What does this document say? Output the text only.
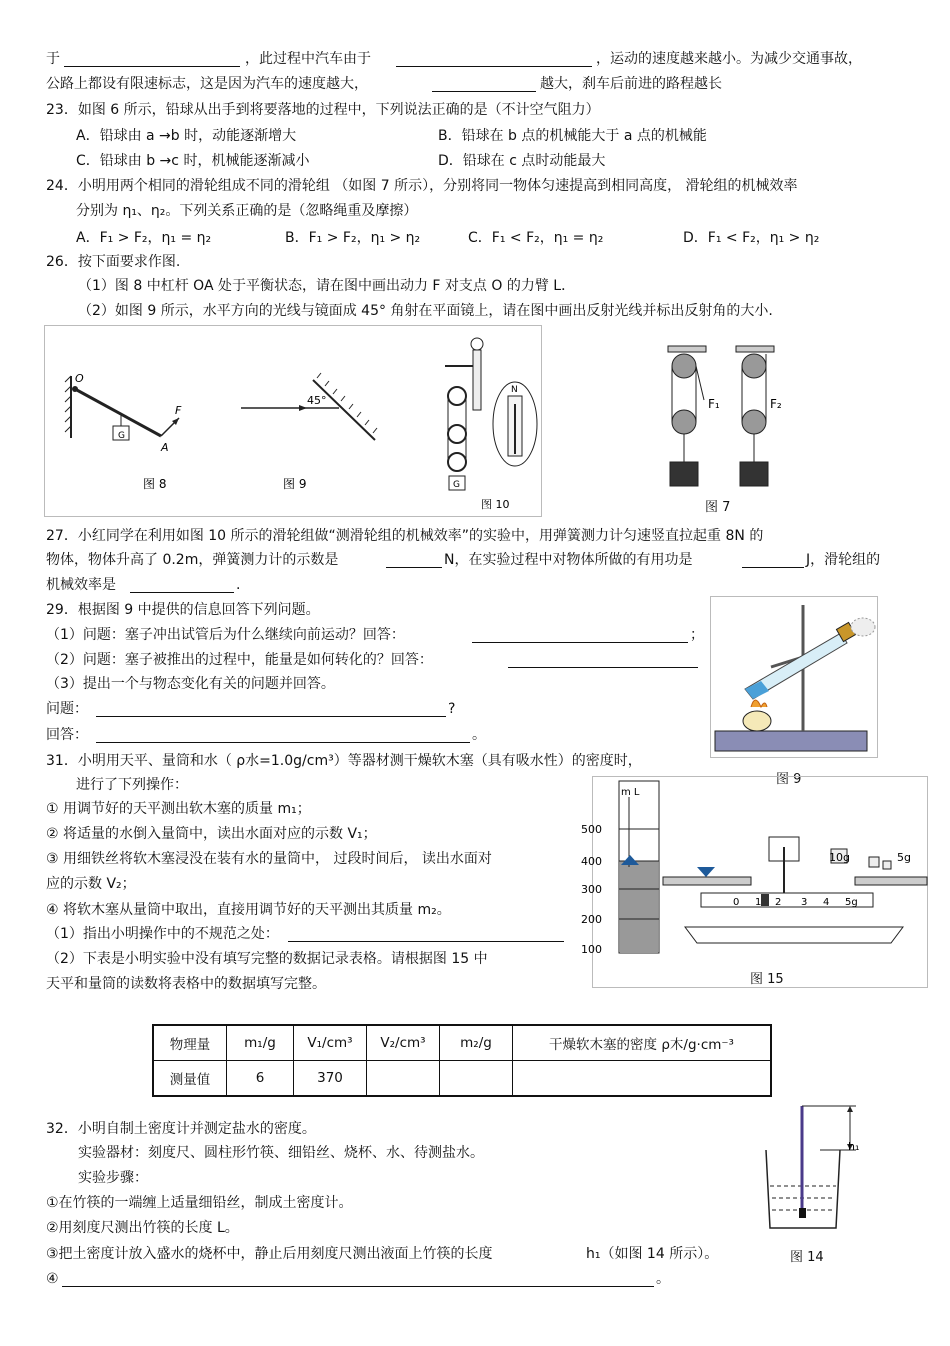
于	，此过程中汽车由于	，运动的速度越来越小。为减少交通事故，
公路上都设有限速标志，这是因为汽车的速度越大，	越大，刹车后前进的路程越长
23．如图 6 所示，铅球从出手到将要落地的过程中，下列说法正确的是（不计空气阻力）
A．铅球由 a →b 时，动能逐渐增大	B．铅球在 b 点的机械能大于 a 点的机械能
C．铅球由 b →c 时，机械能逐渐减小	D．铅球在 c 点时动能最大
24．小明用两个相同的滑轮组成不同的滑轮组 （如图 7 所示），分别将同一物体匀速提高到相同高度， 滑轮组的机械效率
分别为 η₁、η₂。下列关系正确的是（忽略绳重及摩擦）
A．F₁ > F₂，η₁ = η₂	B．F₁ > F₂，η₁ > η₂	C．F₁ < F₂，η₁ = η₂	D．F₁ < F₂，η₁ > η₂
26．按下面要求作图.
（1）图 8 中杠杆 OA 处于平衡状态，请在图中画出动力 F 对支点 O 的力臂 L．
（2）如图 9 所示，水平方向的光线与镜面成 45° 角射在平面镜上，请在图中画出反射光线并标出反射角的大小.
O
G
A
F
图 8
45°
图 9	G
N
图 10
F₁	F₂
图 7
27．小红同学在利用如图 10 所示的滑轮组做“测滑轮组的机械效率”的实验中，用弹簧测力计匀速竖直拉起重 8N 的
物体，物体升高了 0.2m，弹簧测力计的示数是	N，在实验过程中对物体所做的有用功是	J，滑轮组的
机械效率是	.
29．根据图 9 中提供的信息回答下列问题。
（1）问题：塞子冲出试管后为什么继续向前运动？回答：	；
（2）问题：塞子被推出的过程中，能量是如何转化的？回答：
（3）提出一个与物态变化有关的问题并回答。
问题：	?
回答：	。
图 9
31．小明用天平、量筒和水（ ρ水=1.0g/cm³）等器材测干燥软木塞（具有吸水性）的密度时，
进行了下列操作：
① 用调节好的天平测出软木塞的质量 m₁；
② 将适量的水倒入量筒中，读出水面对应的示数 V₁；
③ 用细铁丝将软木塞浸没在装有水的量筒中， 过段时间后， 读出水面对
应的示数 V₂；
④ 将软木塞从量筒中取出，直接用调节好的天平测出其质量 m₂。
（1）指出小明操作中的不规范之处：
（2）下表是小明实验中没有填写完整的数据记录表格。请根据图 15 中
天平和量筒的读数将表格中的数据填写完整。
m L
500
400
300
200
100
0 1 2 3 4 5g
10g	5g
图 15
物理量	m₁/g	V₁/cm³	V₂/cm³	m₂/g	干燥软木塞的密度 ρ木/g·cm⁻³
测量值	6	370			
32．小明自制土密度计并测定盐水的密度。
实验器材：刻度尺、圆柱形竹筷、细铅丝、烧杯、水、待测盐水。
实验步骤：
①在竹筷的一端缠上适量细铅丝，制成土密度计。
②用刻度尺测出竹筷的长度 L。
③把土密度计放入盛水的烧杯中，静止后用刻度尺测出液面上竹筷的长度	h₁（如图 14 所示）。
④	。
h₁
图 14
